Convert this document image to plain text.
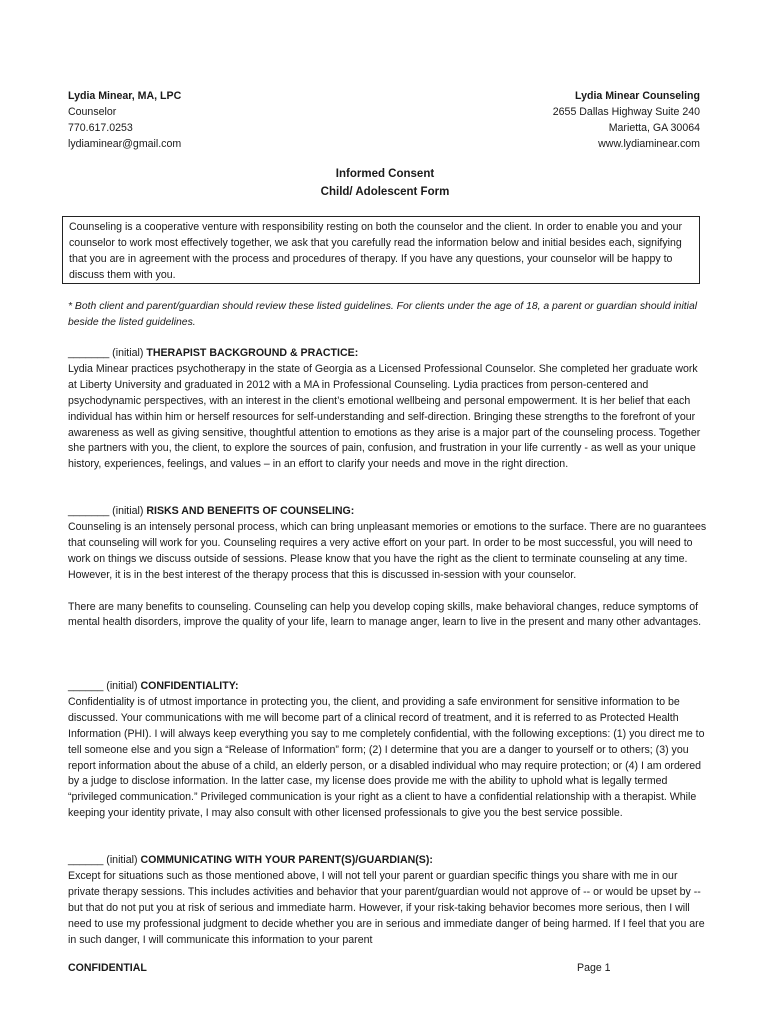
Lydia Minear, MA, LPC
Counselor
770.617.0253
lydiaminear@gmail.com
Lydia Minear Counseling
2655 Dallas Highway Suite 240
Marietta, GA 30064
www.lydiaminear.com
Informed Consent
Child/ Adolescent Form
Counseling is a cooperative venture with responsibility resting on both the counselor and the client. In order to enable you and your counselor to work most effectively together, we ask that you carefully read the information below and initial besides each, signifying that you are in agreement with the process and procedures of therapy. If you have any questions, your counselor will be happy to discuss them with you.
* Both client and parent/guardian should review these listed guidelines. For clients under the age of 18, a parent or guardian should initial beside the listed guidelines.
_______ (initial) THERAPIST BACKGROUND & PRACTICE:

Lydia Minear practices psychotherapy in the state of Georgia as a Licensed Professional Counselor. She completed her graduate work at Liberty University and graduated in 2012 with a MA in Professional Counseling. Lydia practices from person-centered and psychodynamic perspectives, with an interest in the client’s emotional wellbeing and personal empowerment. It is her belief that each individual has within him or herself resources for self-understanding and self-direction. Bringing these strengths to the forefront of your awareness as well as giving sensitive, thoughtful attention to emotions as they arise is a major part of the counseling process. Together she partners with you, the client, to explore the sources of pain, confusion, and frustration in your life currently - as well as your unique history, experiences, feelings, and values – in an effort to clarify your needs and move in the right direction.

_______ (initial) RISKS AND BENEFITS OF COUNSELING:

Counseling is an intensely personal process, which can bring unpleasant memories or emotions to the surface. There are no guarantees that counseling will work for you. Counseling requires a very active effort on your part. In order to be most successful, you will need to work on things we discuss outside of sessions. Please know that you have the right as the client to terminate counseling at any time. However, it is in the best interest of the therapy process that this is discussed in-session with your counselor.

There are many benefits to counseling. Counseling can help you develop coping skills, make behavioral changes, reduce symptoms of mental health disorders, improve the quality of your life, learn to manage anger, learn to live in the present and many other advantages.

______ (initial) CONFIDENTIALITY:

Confidentiality is of utmost importance in protecting you, the client, and providing a safe environment for sensitive information to be discussed. Your communications with me will become part of a clinical record of treatment, and it is referred to as Protected Health Information (PHI). I will always keep everything you say to me completely confidential, with the following exceptions: (1) you direct me to tell someone else and you sign a “Release of Information” form; (2) I determine that you are a danger to yourself or to others; (3) you report information about the abuse of a child, an elderly person, or a disabled individual who may require protection; or (4) I am ordered by a judge to disclose information. In the latter case, my license does provide me with the ability to uphold what is legally termed “privileged communication.” Privileged communication is your right as a client to have a confidential relationship with a therapist. While keeping your identity private, I may also consult with other licensed professionals to give you the best service possible.

______ (initial) COMMUNICATING WITH YOUR PARENT(S)/GUARDIAN(S):

Except for situations such as those mentioned above, I will not tell your parent or guardian specific things you share with me in our private therapy sessions. This includes activities and behavior that your parent/guardian would not approve of -- or would be upset by -- but that do not put you at risk of serious and immediate harm. However, if your risk-taking behavior becomes more serious, then I will need to use my professional judgment to decide whether you are in serious and immediate danger of being harmed. If I feel that you are in such danger, I will communicate this information to your parent

CONFIDENTIAL	Page 1
